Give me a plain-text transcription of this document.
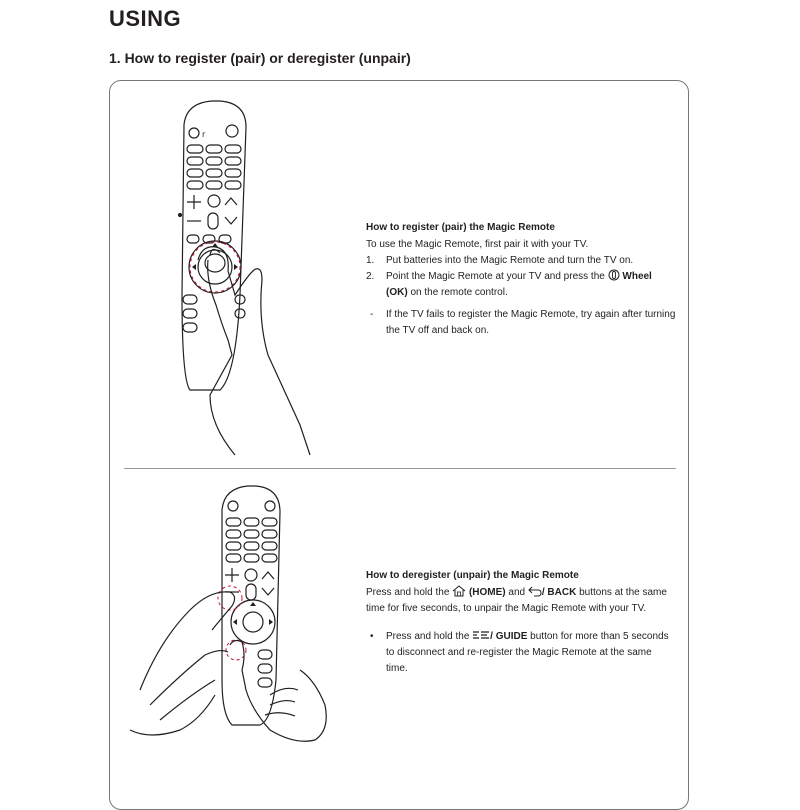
USING
1. How to register (pair) or deregister (unpair)
r
How to register (pair) the Magic Remote
To use the Magic Remote, first pair it with your TV.
1. Put batteries into the Magic Remote and turn the TV on.
2. Point the Magic Remote at your TV and press the  Wheel (OK) on the remote control.
- If the TV fails to register the Magic Remote, try again after turning the TV off and back on.
How to deregister (unpair) the Magic Remote
Press and hold the  (HOME) and / BACK buttons at the same time for five seconds, to unpair the Magic Remote with your TV.
• Press and hold the / GUIDE button for more than 5 seconds to disconnect and re-register the Magic Remote at the same time.
